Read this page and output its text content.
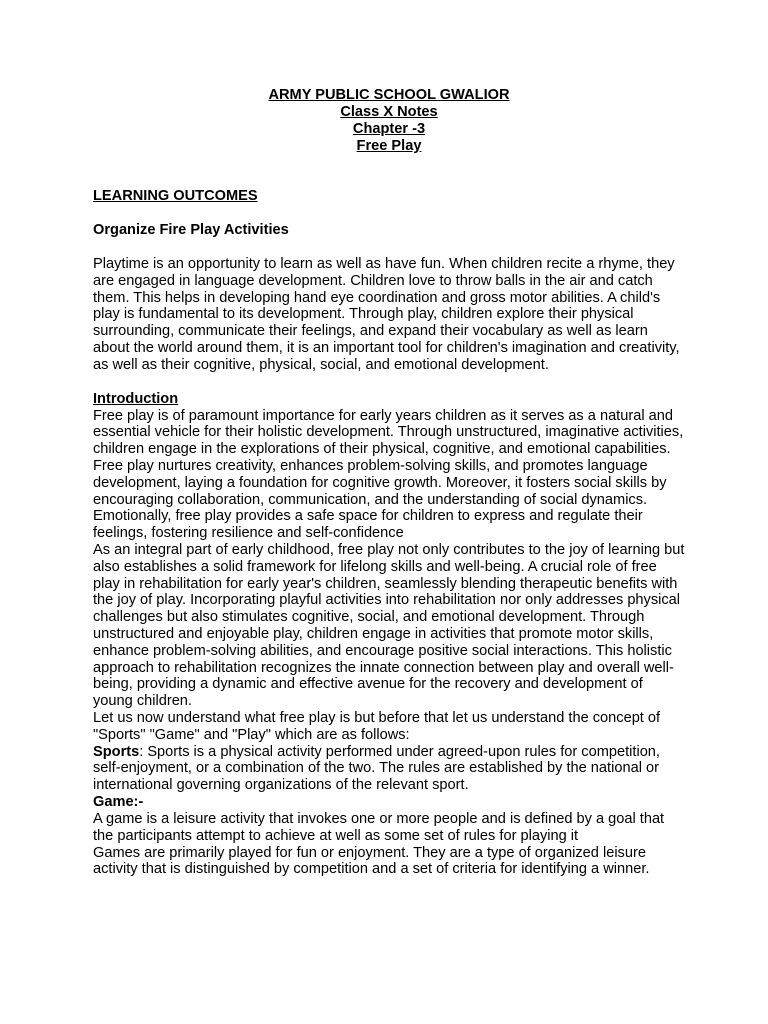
ARMY PUBLIC SCHOOL GWALIOR
Class X Notes
Chapter -3
Free Play
LEARNING OUTCOMES
Organize Fire Play Activities

Playtime is an opportunity to learn as well as have fun. When children recite a rhyme, they are engaged in language development. Children love to throw balls in the air and catch them. This helps in developing hand eye coordination and gross motor abilities. A child's play is fundamental to its development. Through play, children explore their physical surrounding, communicate their feelings, and expand their vocabulary as well as learn about the world around them, it is an important tool for children's imagination and creativity, as well as their cognitive, physical, social, and emotional development.

Introduction

Free play is of paramount importance for early years children as it serves as a natural and essential vehicle for their holistic development. Through unstructured, imaginative activities, children engage in the explorations of their physical, cognitive, and emotional capabilities. Free play nurtures creativity, enhances problem-solving skills, and promotes language development, laying a foundation for cognitive growth. Moreover, it fosters social skills by encouraging collaboration, communication, and the understanding of social dynamics. Emotionally, free play provides a safe space for children to express and regulate their feelings, fostering resilience and self-confidence

As an integral part of early childhood, free play not only contributes to the joy of learning but also establishes a solid framework for lifelong skills and well-being. A crucial role of free play in rehabilitation for early year's children, seamlessly blending therapeutic benefits with the joy of play. Incorporating playful activities into rehabilitation nor only addresses physical challenges but also stimulates cognitive, social, and emotional development. Through unstructured and enjoyable play, children engage in activities that promote motor skills, enhance problem-solving abilities, and encourage positive social interactions. This holistic approach to rehabilitation recognizes the innate connection between play and overall well-being, providing a dynamic and effective avenue for the recovery and development of young children.

Let us now understand what free play is but before that let us understand the concept of "Sports" "Game" and "Play" which are as follows:

Sports: Sports is a physical activity performed under agreed-upon rules for competition, self-enjoyment, or a combination of the two. The rules are established by the national or international governing organizations of the relevant sport.

Game:-

A game is a leisure activity that invokes one or more people and is defined by a goal that the participants attempt to achieve at well as some set of rules for playing it

Games are primarily played for fun or enjoyment. They are a type of organized leisure activity that is distinguished by competition and a set of criteria for identifying a winner.
